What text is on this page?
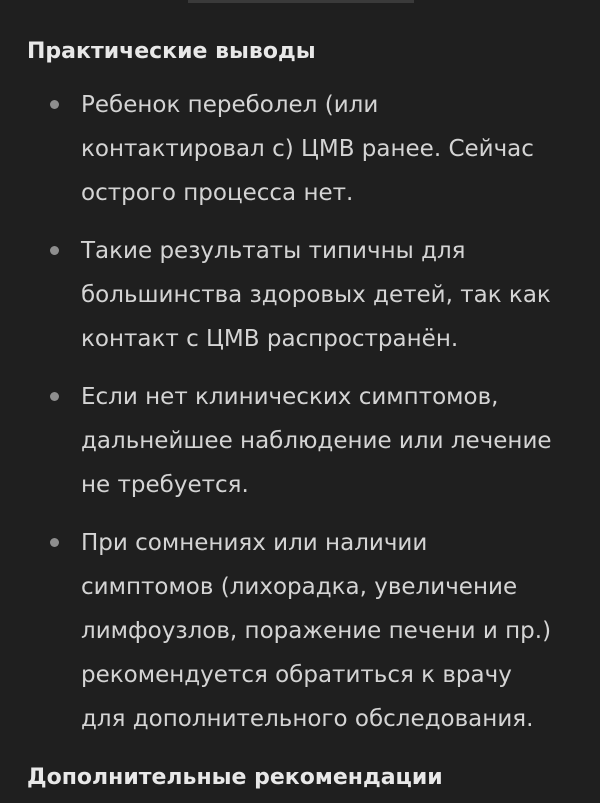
Практические выводы
Ребенок переболел (или
контактировал с) ЦМВ ранее. Сейчас
острого процесса нет.
Такие результаты типичны для
большинства здоровых детей, так как
контакт с ЦМВ распространён.
Если нет клинических симптомов,
дальнейшее наблюдение или лечение
не требуется.
При сомнениях или наличии
симптомов (лихорадка, увеличение
лимфоузлов, поражение печени и пр.)
рекомендуется обратиться к врачу
для дополнительного обследования.
Дополнительные рекомендации
